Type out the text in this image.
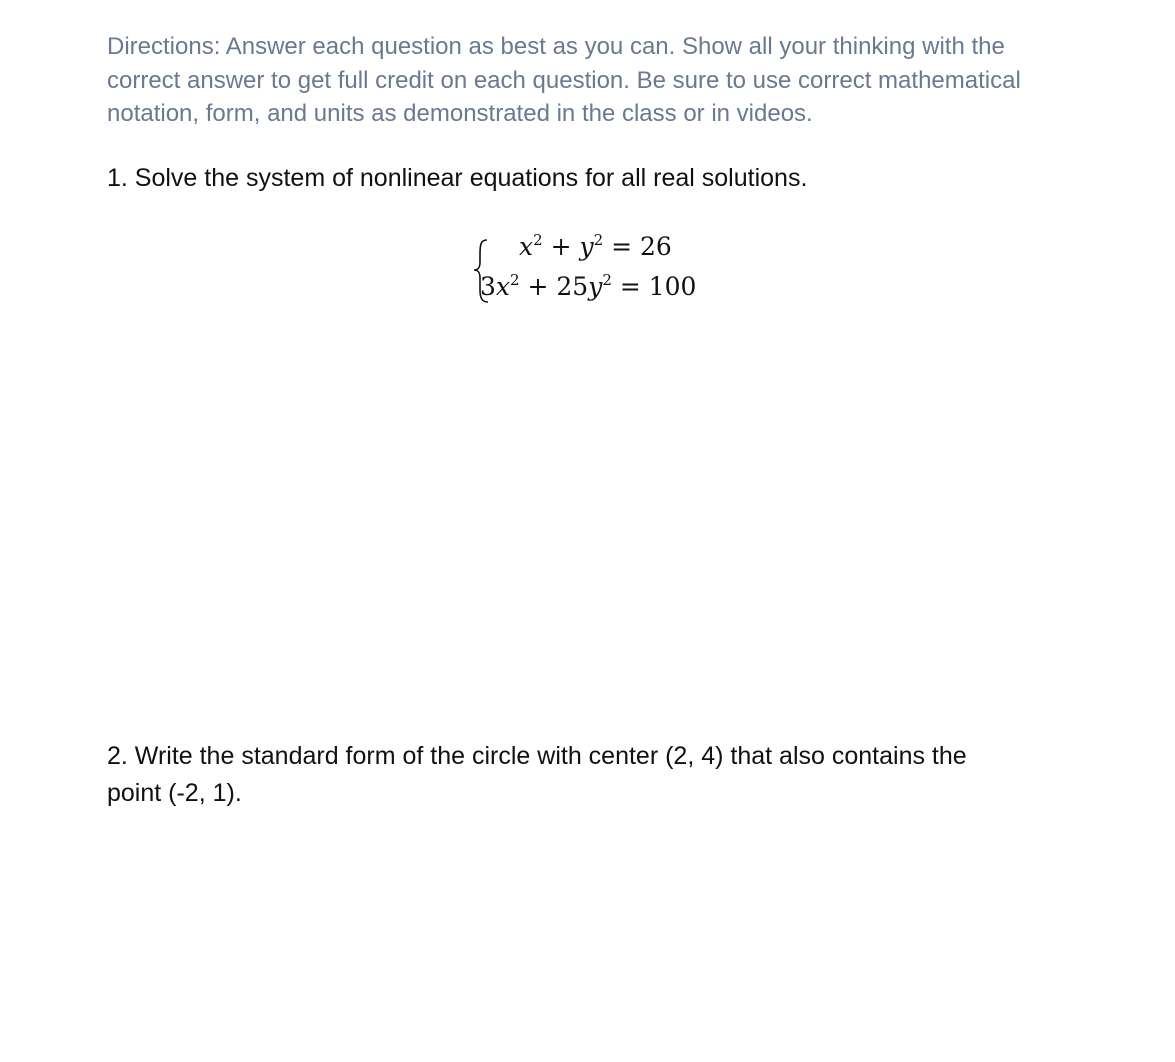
Directions: Answer each question as best as you can. Show all your thinking with the
correct answer to get full credit on each question. Be sure to use correct mathematical
notation, form, and units as demonstrated in the class or in videos.
1. Solve the system of nonlinear equations for all real solutions.
$x^2 + y^2 = 26$
$3x^2 + 25y^2 = 100$
2. Write the standard form of the circle with center (2, 4) that also contains the
point (-2, 1).
